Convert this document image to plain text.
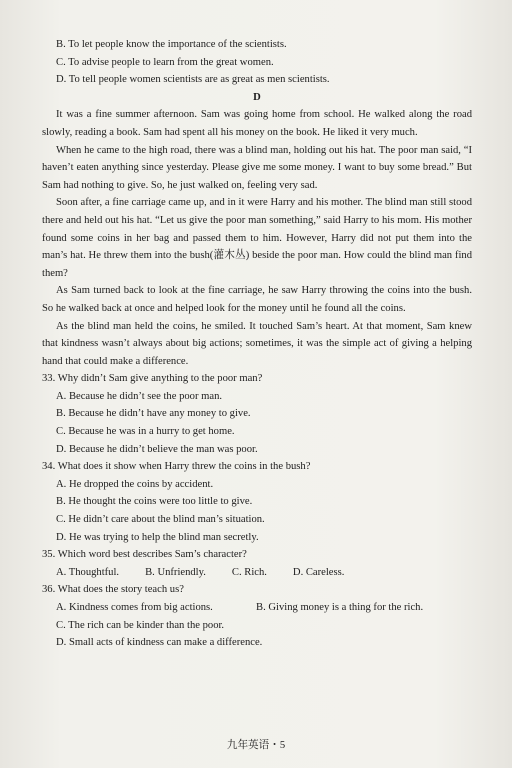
B. To let people know the importance of the scientists.

C. To advise people to learn from the great women.

D. To tell people women scientists are as great as men scientists.

D

It was a fine summer afternoon. Sam was going home from school. He walked along the road slowly, reading a book. Sam had spent all his money on the book. He liked it very much.

When he came to the high road, there was a blind man, holding out his hat. The poor man said, “I haven’t eaten anything since yesterday. Please give me some money. I want to buy some bread.” But Sam had nothing to give. So, he just walked on, feeling very sad.

Soon after, a fine carriage came up, and in it were Harry and his mother. The blind man still stood there and held out his hat. “Let us give the poor man something,” said Harry to his mom. His mother found some coins in her bag and passed them to him. However, Harry did not put them into the man’s hat. He threw them into the bush(灌木丛) beside the poor man. How could the blind man find them?

As Sam turned back to look at the fine carriage, he saw Harry throwing the coins into the bush. So he walked back at once and helped look for the money until he found all the coins.

As the blind man held the coins, he smiled. It touched Sam’s heart. At that moment, Sam knew that kindness wasn’t always about big actions; sometimes, it was the simple act of giving a helping hand that could make a difference.

33. Why didn’t Sam give anything to the poor man?

A. Because he didn’t see the poor man.

B. Because he didn’t have any money to give.

C. Because he was in a hurry to get home.

D. Because he didn’t believe the man was poor.

34. What does it show when Harry threw the coins in the bush?

A. He dropped the coins by accident.

B. He thought the coins were too little to give.

C. He didn’t care about the blind man’s situation.

D. He was trying to help the blind man secretly.

35. Which word best describes Sam’s character?

A. Thoughtful. B. Unfriendly. C. Rich. D. Careless.

36. What does the story teach us?

A. Kindness comes from big actions.	B. Giving money is a thing for the rich.

C. The rich can be kinder than the poor.

D. Small acts of kindness can make a difference.

九年英语・5
